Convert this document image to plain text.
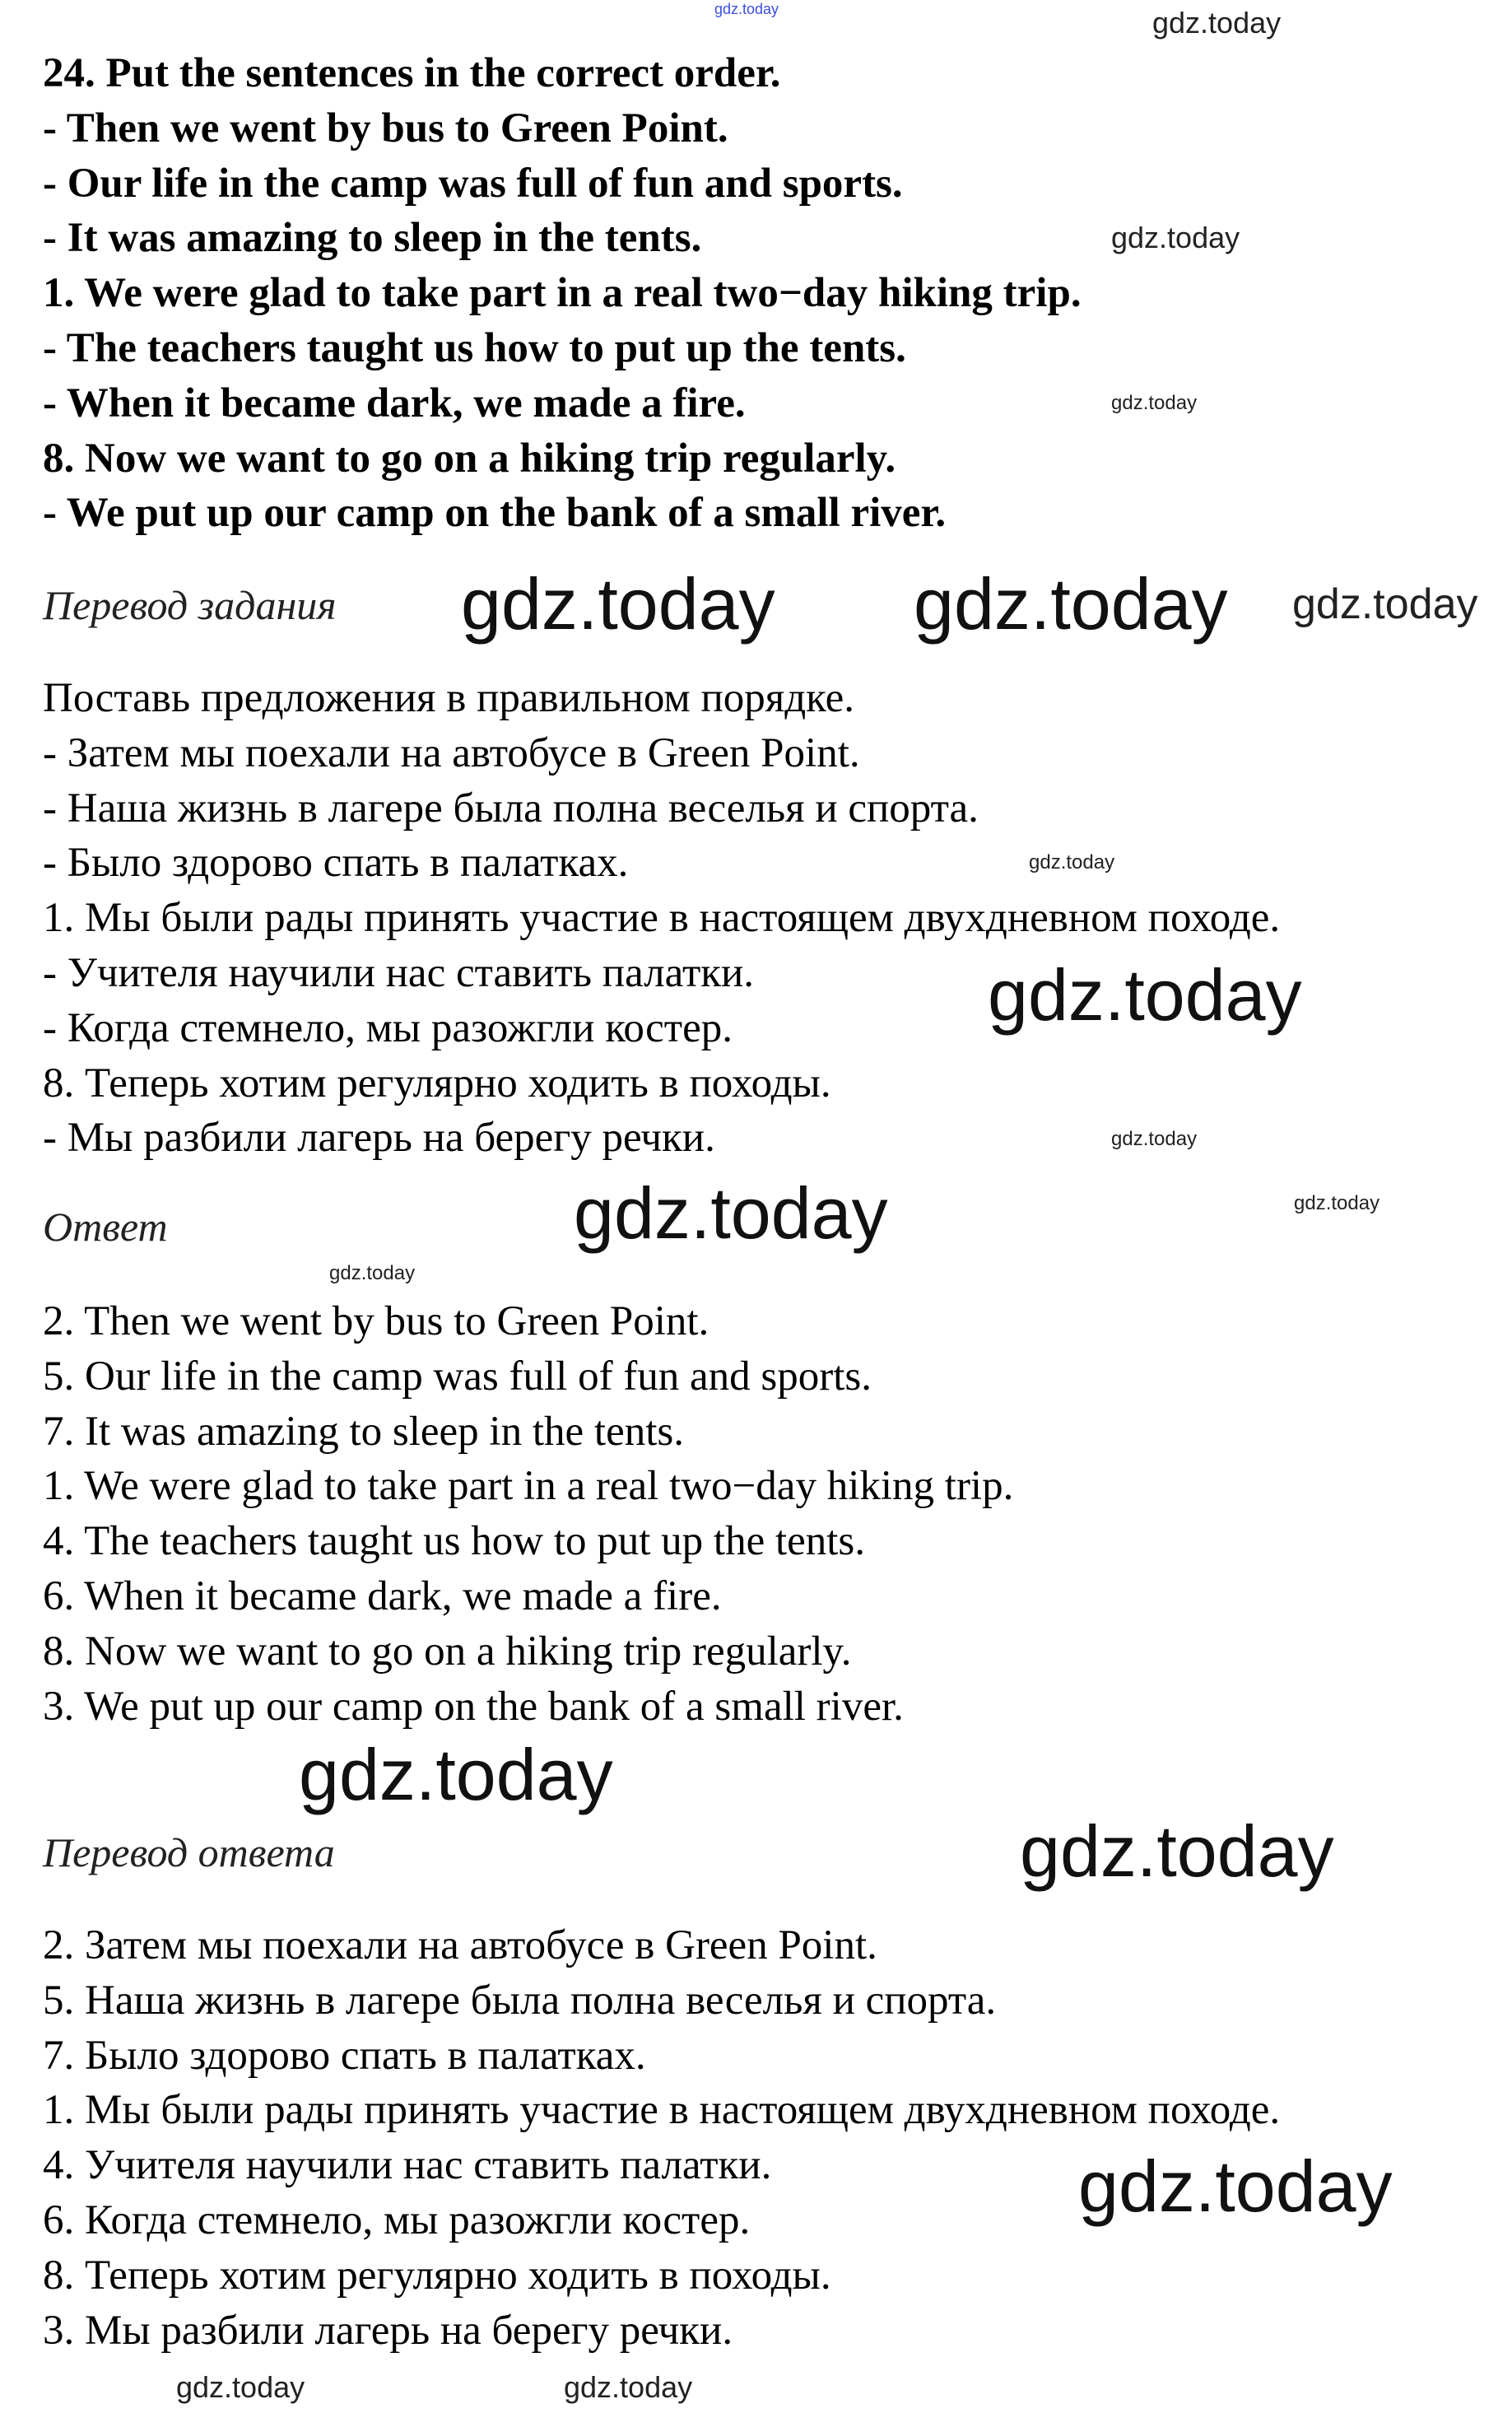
24. Put the sentences in the correct order.
- Then we went by bus to Green Point.
- Our life in the camp was full of fun and sports.
- It was amazing to sleep in the tents.
1. We were glad to take part in a real two−day hiking trip.
- The teachers taught us how to put up the tents.
- When it became dark, we made a fire.
8. Now we want to go on a hiking trip regularly.
- We put up our camp on the bank of a small river.
Перевод задания
Поставь предложения в правильном порядке.
- Затем мы поехали на автобусе в Green Point.
- Наша жизнь в лагере была полна веселья и спорта.
- Было здорово спать в палатках.
1. Мы были рады принять участие в настоящем двухдневном походе.
- Учителя научили нас ставить палатки.
- Когда стемнело, мы разожгли костер.
8. Теперь хотим регулярно ходить в походы.
- Мы разбили лагерь на берегу речки.
Ответ
2. Then we went by bus to Green Point.
5. Our life in the camp was full of fun and sports.
7. It was amazing to sleep in the tents.
1. We were glad to take part in a real two−day hiking trip.
4. The teachers taught us how to put up the tents.
6. When it became dark, we made a fire.
8. Now we want to go on a hiking trip regularly.
3. We put up our camp on the bank of a small river.
Перевод ответа
2. Затем мы поехали на автобусе в Green Point.
5. Наша жизнь в лагере была полна веселья и спорта.
7. Было здорово спать в палатках.
1. Мы были рады принять участие в настоящем двухдневном походе.
4. Учителя научили нас ставить палатки.
6. Когда стемнело, мы разожгли костер.
8. Теперь хотим регулярно ходить в походы.
3. Мы разбили лагерь на берегу речки.
gdz.today	gdz.today
gdz.today
gdz.today
gdz.today gdz.today gdz.today
gdz.today
gdz.today
gdz.today
gdz.today	gdz.today
gdz.today
gdz.today
gdz.today
gdz.today
gdz.today	gdz.today
